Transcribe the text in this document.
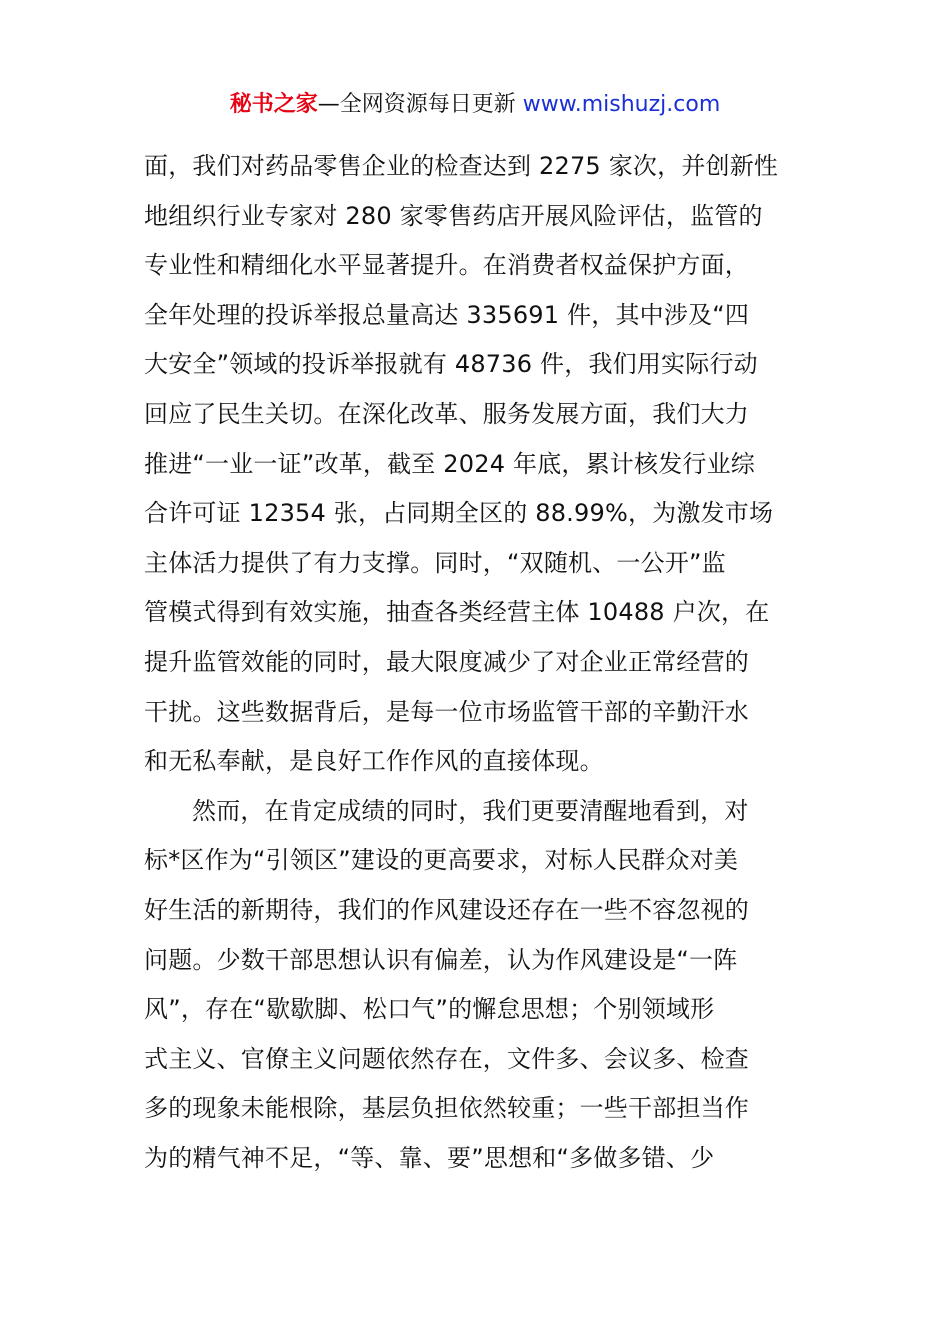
秘书之家—全网资源每日更新 www.mishuzj.com
面，我们对药品零售企业的检查达到 2275 家次，并创新性
地组织行业专家对 280 家零售药店开展风险评估，监管的
专业性和精细化水平显著提升。在消费者权益保护方面，
全年处理的投诉举报总量高达 335691 件，其中涉及“四
大安全”领域的投诉举报就有 48736 件，我们用实际行动
回应了民生关切。在深化改革、服务发展方面，我们大力
推进“一业一证”改革，截至 2024 年底，累计核发行业综
合许可证 12354 张，占同期全区的 88.99%，为激发市场
主体活力提供了有力支撑。同时，“双随机、一公开”监
管模式得到有效实施，抽查各类经营主体 10488 户次，在
提升监管效能的同时，最大限度减少了对企业正常经营的
干扰。这些数据背后，是每一位市场监管干部的辛勤汗水
和无私奉献，是良好工作作风的直接体现。
然而，在肯定成绩的同时，我们更要清醒地看到，对
标*区作为“引领区”建设的更高要求，对标人民群众对美
好生活的新期待，我们的作风建设还存在一些不容忽视的
问题。少数干部思想认识有偏差，认为作风建设是“一阵
风”，存在“歇歇脚、松口气”的懈怠思想；个别领域形
式主义、官僚主义问题依然存在，文件多、会议多、检查
多的现象未能根除，基层负担依然较重；一些干部担当作
为的精气神不足，“等、靠、要”思想和“多做多错、少
